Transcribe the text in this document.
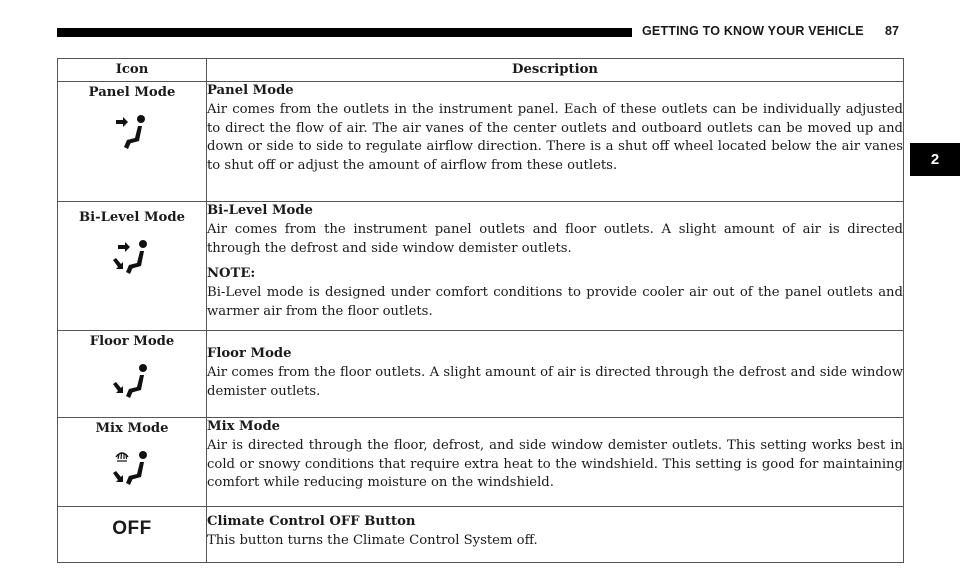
GETTING TO KNOW YOUR VEHICLE 87
2
Icon	Description

Panel Mode	Panel Mode
Air comes from the outlets in the instrument panel. Each of these outlets can be individually adjusted to direct the flow of air. The air vanes of the center outlets and outboard outlets can be moved up and down or side to side to regulate airflow direction. There is a shut off wheel located below the air vanes to shut off or adjust the amount of airflow from these outlets.

Bi-Level Mode	Bi-Level Mode
Air comes from the instrument panel outlets and floor outlets. A slight amount of air is directed through the defrost and side window demister outlets.
NOTE:
Bi-Level mode is designed under comfort conditions to provide cooler air out of the panel outlets and warmer air from the floor outlets.

Floor Mode	Floor Mode
Air comes from the floor outlets. A slight amount of air is directed through the defrost and side window demister outlets.

Mix Mode	Mix Mode
Air is directed through the floor, defrost, and side window demister outlets. This setting works best in cold or snowy conditions that require extra heat to the windshield. This setting is good for maintaining comfort while reducing moisture on the windshield.

OFF	Climate Control OFF Button
This button turns the Climate Control System off.
